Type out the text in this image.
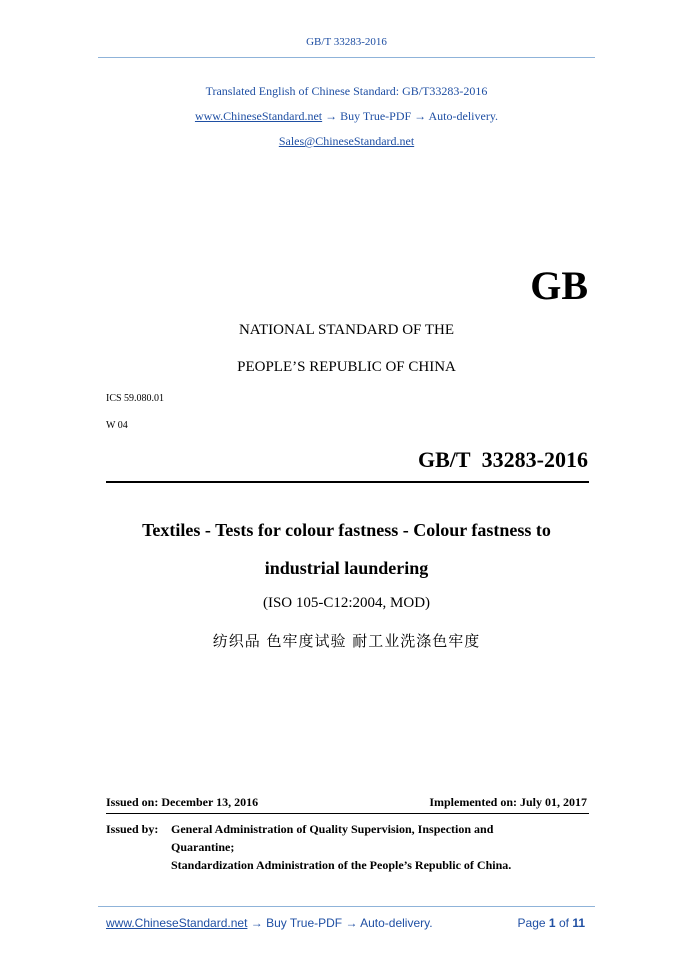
GB/T 33283-2016
Translated English of Chinese Standard: GB/T33283-2016
www.ChineseStandard.net → Buy True-PDF → Auto-delivery.
Sales@ChineseStandard.net
GB
NATIONAL STANDARD OF THE
PEOPLE’S REPUBLIC OF CHINA
ICS 59.080.01
W 04
GB/T 33283-2016
Textiles - Tests for colour fastness - Colour fastness to
industrial laundering
(ISO 105-C12:2004, MOD)
纺织品 色牢度试验 耐工业洗涤色牢度
Issued on: December 13, 2016	Implemented on: July 01, 2017
Issued by: General Administration of Quality Supervision, Inspection and
Quarantine;
Standardization Administration of the People’s Republic of China.
www.ChineseStandard.net → Buy True-PDF → Auto-delivery.	Page 1 of 11
